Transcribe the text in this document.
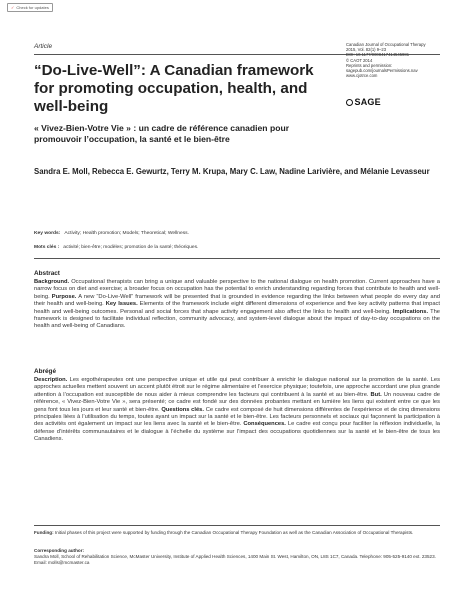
✓ Check for updates
Article
“Do-Live-Well”: A Canadian framework for promoting occupation, health, and well-being
« Vivez-Bien-Votre Vie » : un cadre de référence canadien pour promouvoir l’occupation, la santé et le bien-être
Canadian Journal of Occupational Therapy
2015, Vol. 82(1) 9–23
DOI: 10.1177/0008417414545981
© CAOT 2014
Reprints and permission:
sagepub.com/journalsPermissions.nav
www.cjotrce.com
SAGE
Sandra E. Moll, Rebecca E. Gewurtz, Terry M. Krupa, Mary C. Law, Nadine Larivière, and Mélanie Levasseur
Key words: Activity; Health promotion; Models; Theoretical; Wellness.
Mots clés : activité; bien-être; modèles; promotion de la santé; théoriques.
Abstract

Background. Occupational therapists can bring a unique and valuable perspective to the national dialogue on health promotion. Current approaches have a narrow focus on diet and exercise; a broader focus on occupation has the potential to enrich understanding regarding forces that contribute to health and well-being. Purpose. A new “Do-Live-Well” framework will be presented that is grounded in evidence regarding the links between what people do every day and their health and well-being. Key Issues. Elements of the framework include eight different dimensions of experience and five key activity patterns that impact health and well-being outcomes. Personal and social forces that shape activity engagement also affect the links to health and well-being. Implications. The framework is designed to facilitate individual reflection, community advocacy, and system-level dialogue about the impact of day-to-day occupations on the health and well-being of Canadians.

Abrégé

Description. Les ergothérapeutes ont une perspective unique et utile qui peut contribuer à enrichir le dialogue national sur la promotion de la santé. Les approches actuelles mettent souvent un accent plutôt étroit sur le régime alimentaire et l’exercice physique; toutefois, une approche accordant une plus grande attention à l’occupation est susceptible de nous aider à mieux comprendre les facteurs qui contribuent à la santé et au bien-être. But. Un nouveau cadre de référence, « Vivez-Bien-Votre Vie », sera présenté; ce cadre est fondé sur des données probantes mettant en lumière les liens qui existent entre ce que les gens font tous les jours et leur santé et bien-être. Questions clés. Ce cadre est composé de huit dimensions différentes de l’expérience et de cinq dimensions principales liées à l’utilisation du temps, toutes ayant un impact sur la santé et le bien-être. Les facteurs personnels et sociaux qui façonnent la participation à des activités ont également un impact sur les liens avec la santé et le bien-être. Conséquences. Le cadre est conçu pour faciliter la réflexion individuelle, la défense d’intérêts communautaires et le dialogue à l’échelle du système sur l’impact des occupations quotidiennes sur la santé et le bien-être de tous les Canadiens.

Funding: Initial phases of this project were supported by funding through the Canadian Occupational Therapy Foundation as well as the Canadian Association of Occupational Therapists.

Corresponding author:
Sandra Moll, School of Rehabilitation Science, McMaster University, Institute of Applied Health Sciences, 1400 Main St. West, Hamilton, ON, L8S 1C7, Canada. Telephone: 905-525-9140 ext. 23523. Email: molls@mcmaster.ca
